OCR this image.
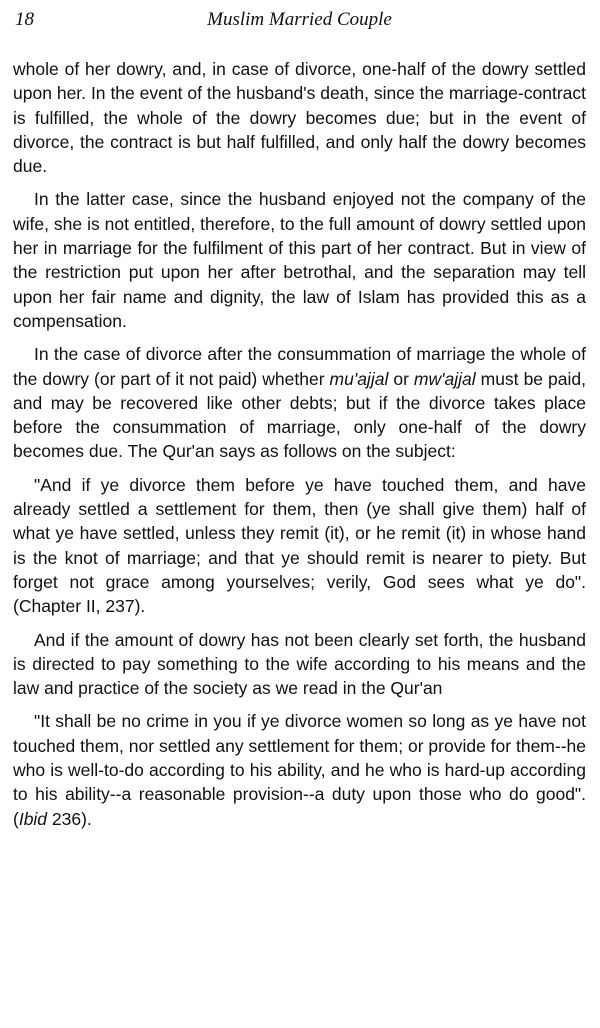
18	Muslim Married Couple

whole of her dowry, and, in case of divorce, one-half of the dowry settled upon her. In the event of the husband's death, since the marriage-contract is fulfilled, the whole of the dowry becomes due; but in the event of divorce, the contract is but half fulfilled, and only half the dowry becomes due.

In the latter case, since the husband enjoyed not the company of the wife, she is not entitled, therefore, to the full amount of dowry settled upon her in marriage for the fulfilment of this part of her contract. But in view of the restriction put upon her after betrothal, and the separation may tell upon her fair name and dignity, the law of Islam has provided this as a compensation.

In the case of divorce after the consummation of marriage the whole of the dowry (or part of it not paid) whether mu'ajjal or mw'ajjal must be paid, and may be recovered like other debts; but if the divorce takes place before the consummation of marriage, only one-half of the dowry becomes due. The Qur'an says as follows on the subject:

"And if ye divorce them before ye have touched them, and have already settled a settlement for them, then (ye shall give them) half of what ye have settled, unless they remit (it), or he remit (it) in whose hand is the knot of marriage; and that ye should remit is nearer to piety. But forget not grace among yourselves; verily, God sees what ye do". (Chapter II, 237).

And if the amount of dowry has not been clearly set forth, the husband is directed to pay something to the wife according to his means and the law and practice of the society as we read in the Qur'an

"It shall be no crime in you if ye divorce women so long as ye have not touched them, nor settled any settlement for them; or provide for them--he who is well-to-do according to his ability, and he who is hard-up according to his ability--a reasonable provision--a duty upon those who do good". (Ibid 236).
